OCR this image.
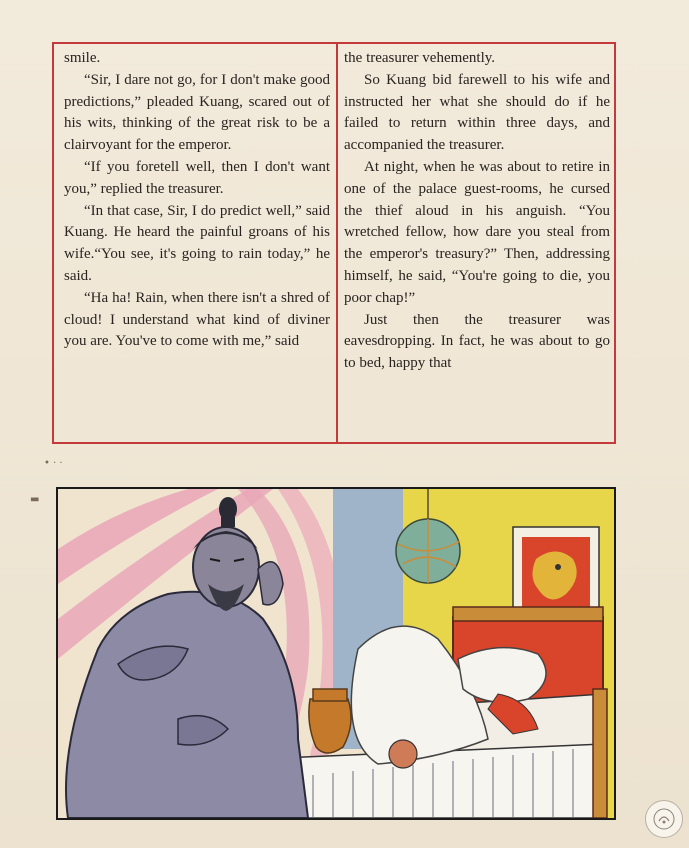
smile.

“Sir, I dare not go, for I don't make good predictions,” pleaded Kuang, scared out of his wits, thinking of the great risk to be a clairvoyant for the emperor.

“If you foretell well, then I don't want you,” replied the treasurer.

“In that case, Sir, I do predict well,” said Kuang. He heard the painful groans of his wife.“You see, it's going to rain today,” he said.

“Ha ha! Rain, when there isn't a shred of cloud! I understand what kind of diviner you are. You've to come with me,” said

the treasurer vehemently.

So Kuang bid farewell to his wife and instructed her what she should do if he failed to return within three days, and accompanied the treasurer.

At night, when he was about to retire in one of the palace guest-rooms, he cursed the thief aloud in his anguish. “You wretched fellow, how dare you steal from the emperor's treasury?” Then, addressing himself, he said, “You're going to die, you poor chap!”

Just then the treasurer was eavesdropping. In fact, he was about to go to bed, happy that

• · ·
▬
